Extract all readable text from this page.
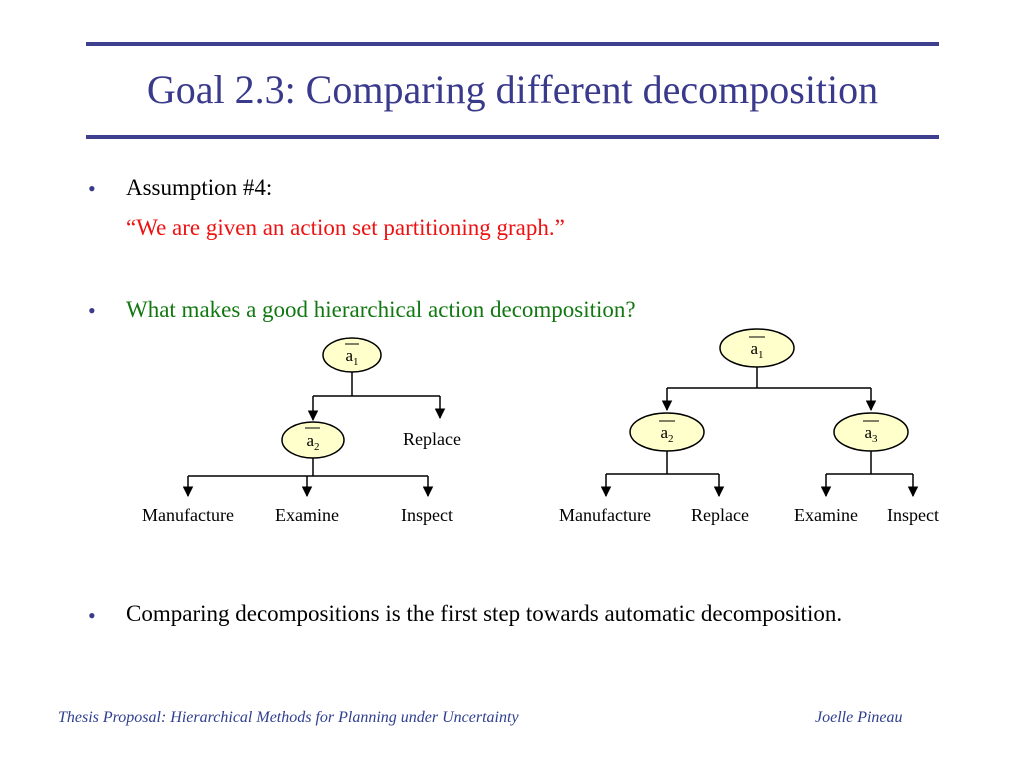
Goal 2.3: Comparing different decomposition
• Assumption #4:
“We are given an action set partitioning graph.”
• What makes a good hierarchical action decomposition?
$a_1$
$a_2$	Replace
Manufacture Examine	Inspect
$a_1$
$a_2$	$a_3$
Manufacture Replace	Examine Inspect
• Comparing decompositions is the first step towards automatic decomposition.
Thesis Proposal: Hierarchical Methods for Planning under Uncertainty	Joelle Pineau
